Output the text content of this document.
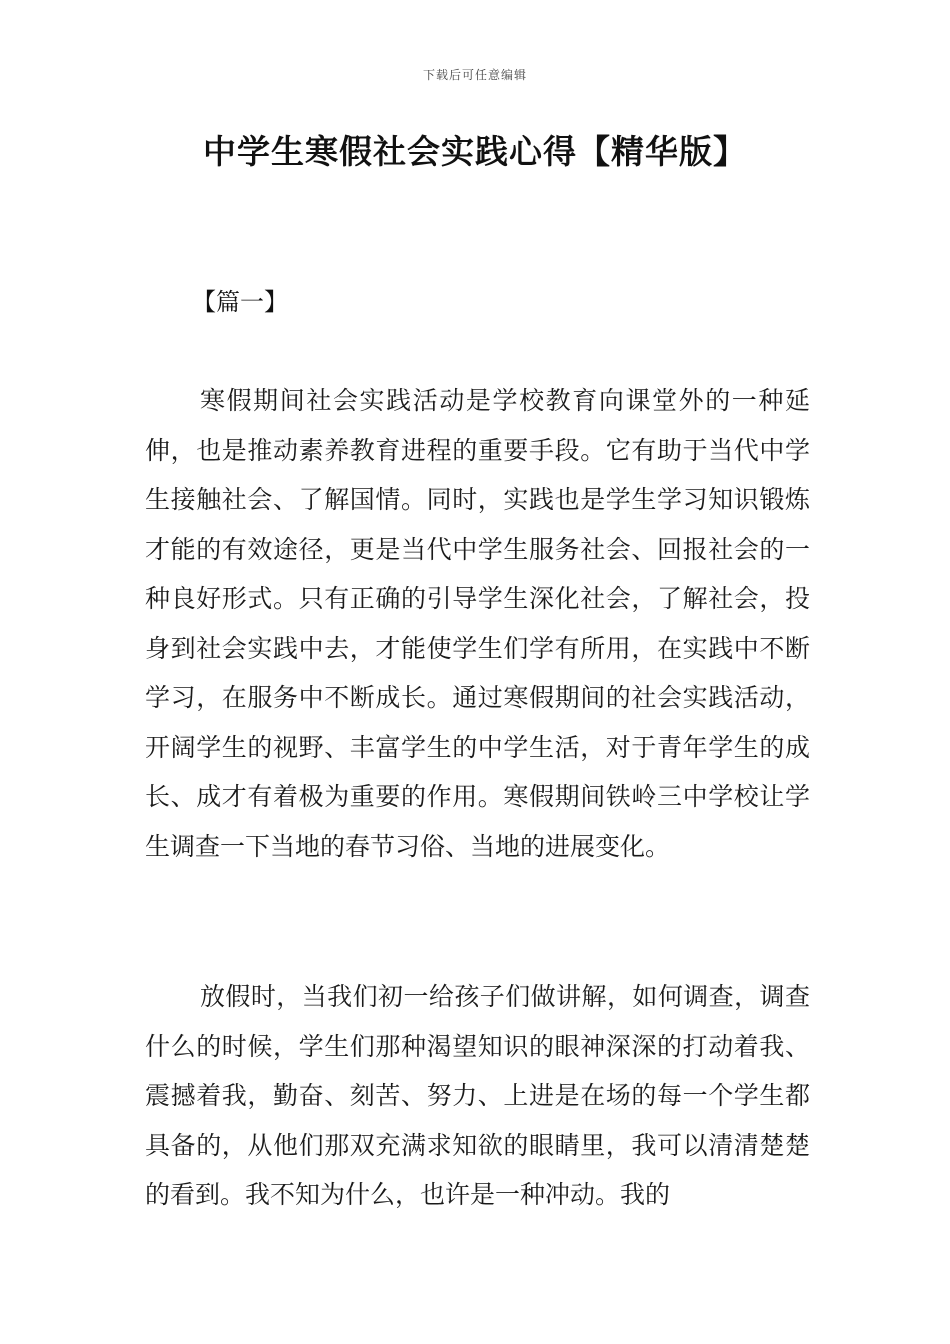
下载后可任意编辑
中学生寒假社会实践心得【精华版】
【篇一】

寒假期间社会实践活动是学校教育向课堂外的一种延伸，也是推动素养教育进程的重要手段。它有助于当代中学生接触社会、了解国情。同时，实践也是学生学习知识锻炼才能的有效途径，更是当代中学生服务社会、回报社会的一种良好形式。只有正确的引导学生深化社会，了解社会，投身到社会实践中去，才能使学生们学有所用，在实践中不断学习，在服务中不断成长。通过寒假期间的社会实践活动，开阔学生的视野、丰富学生的中学生活，对于青年学生的成长、成才有着极为重要的作用。寒假期间铁岭三中学校让学生调查一下当地的春节习俗、当地的进展变化。

放假时，当我们初一给孩子们做讲解，如何调查，调查什么的时候，学生们那种渴望知识的眼神深深的打动着我、震撼着我，勤奋、刻苦、努力、上进是在场的每一个学生都具备的，从他们那双充满求知欲的眼睛里，我可以清清楚楚的看到。我不知为什么，也许是一种冲动。我的
